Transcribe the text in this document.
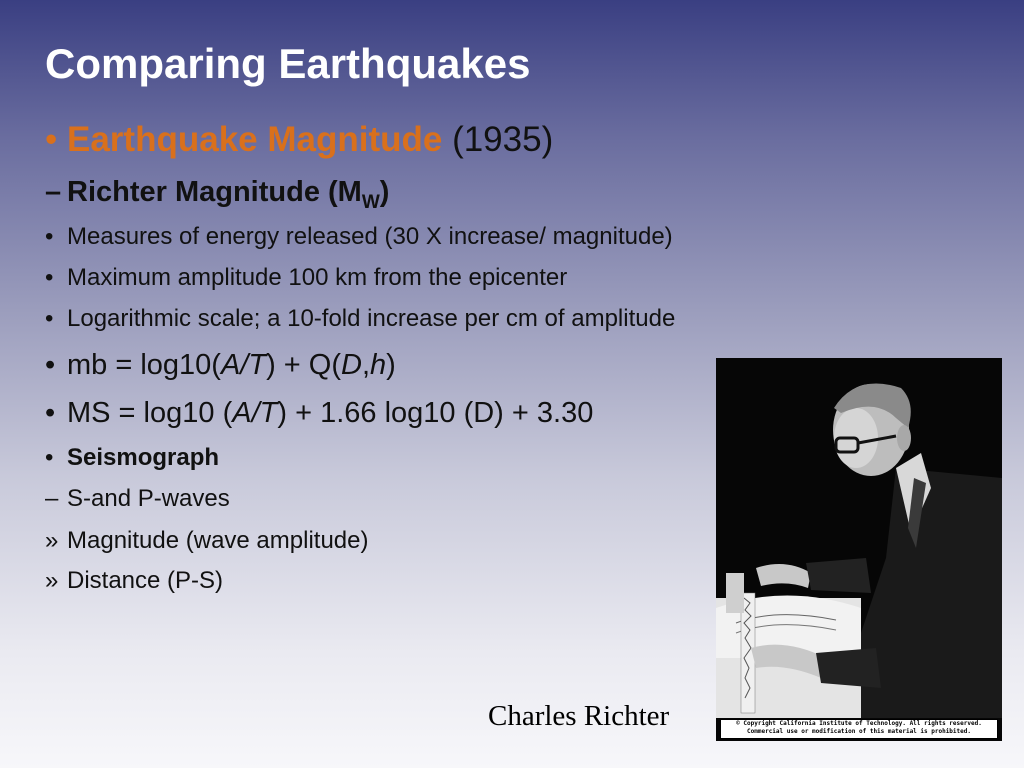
Comparing Earthquakes
• Earthquake Magnitude (1935)
– Richter Magnitude $(M_W)$
• Measures of energy released (30 X increase/ magnitude)
• Maximum amplitude 100 km from the epicenter
• Logarithmic scale; a 10-fold increase per cm of amplitude
• mb = log10(A/T) + Q(D,h)
• MS = log10 (A/T) + 1.66 log10 (D) + 3.30
• Seismograph
– S-and P-waves
» Magnitude (wave amplitude)
» Distance (P-S)
Charles Richter	© Copyright California Institute of Technology. All rights reserved.
Commercial use or modification of this material is prohibited.
